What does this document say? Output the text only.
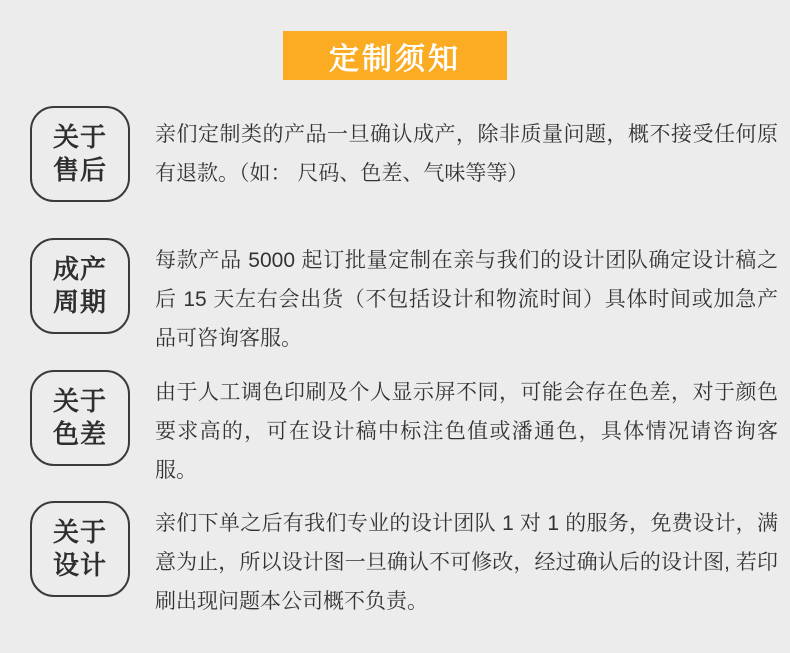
定制须知
关于
售后
亲们定制类的产品一旦确认成产，除非质量问题，概不接受任何原有退款。（如： 尺码、色差、气味等等）
成产
周期
每款产品 5000 起订批量定制在亲与我们的设计团队确定设计稿之后 15 天左右会出货（不包括设计和物流时间）具体时间或加急产品可咨询客服。
关于
色差
由于人工调色印刷及个人显示屏不同，可能会存在色差，对于颜色要求高的，可在设计稿中标注色值或潘通色，具体情况请咨询客服。
关于
设计
亲们下单之后有我们专业的设计团队 1 对 1 的服务，免费设计，满意为止，所以设计图一旦确认不可修改，经过确认后的设计图, 若印刷出现问题本公司概不负责。
